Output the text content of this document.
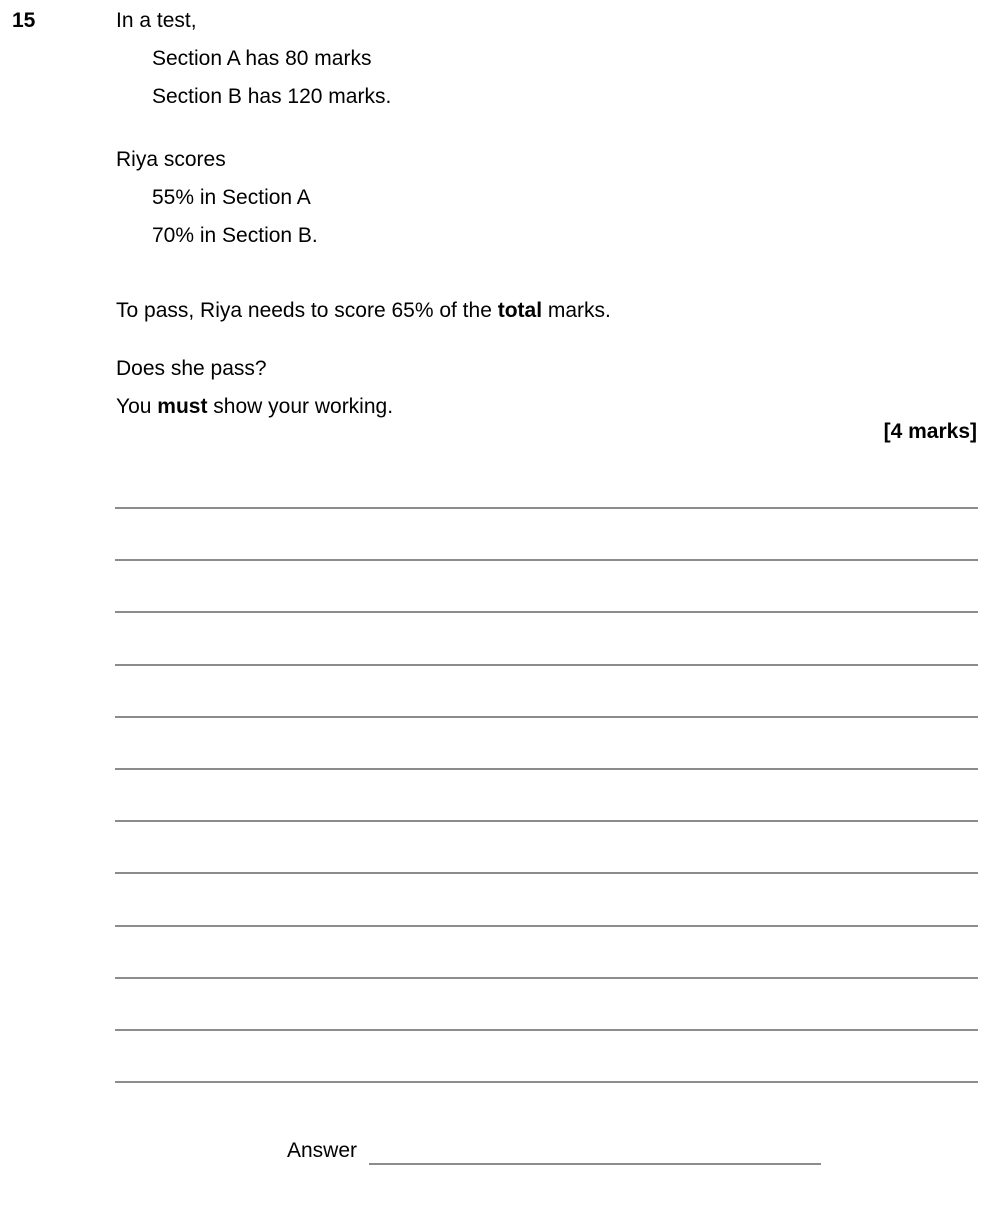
15	In a test,
Section A has 80 marks
Section B has 120 marks.
Riya scores
55% in Section A
70% in Section B.
To pass, Riya needs to score 65% of the total marks.
Does she pass?
You must show your working.
[4 marks]
Answer
